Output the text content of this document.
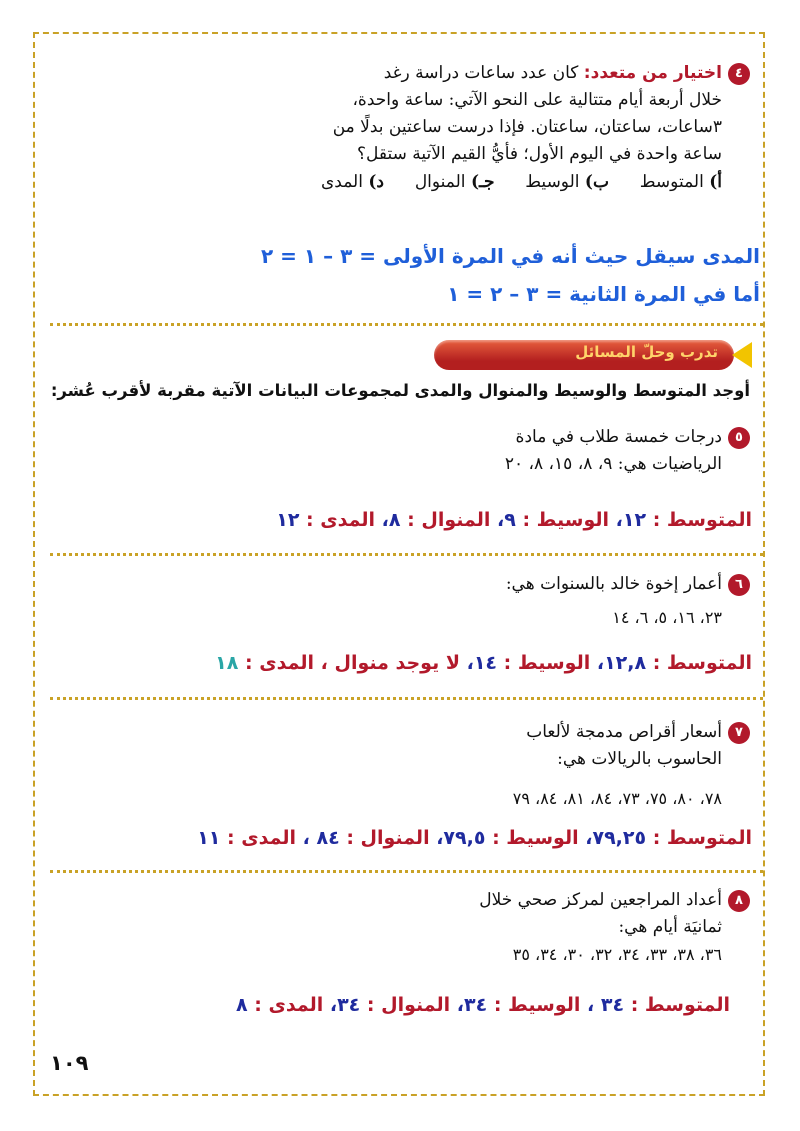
٤اختيار من متعدد: كان عدد ساعات دراسة رغد
خلال أربعة أيام متتالية على النحو الآتي: ساعة واحدة،
٣ساعات، ساعتان، ساعتان. فإذا درست ساعتين بدلًا من
ساعة واحدة في اليوم الأول؛ فأيُّ القيم الآتية ستقل؟
أ) المتوسط  ب) الوسيط  جـ) المنوال  د) المدى
المدى سيقل حيث أنه في المرة الأولى = ٣ – ١ = ٢
أما في المرة الثانية = ٣ – ٢ = ١
تدرب وحلّ المسائل
أوجد المتوسط والوسيط والمنوال والمدى لمجموعات البيانات الآتية مقربة لأقرب عُشر:
٥درجات خمسة طلاب في مادة
الرياضيات هي: ٩، ٨، ١٥، ٨، ٢٠
المتوسط : ١٢، الوسيط : ٩، المنوال : ٨، المدى : ١٢
٦أعمار إخوة خالد بالسنوات هي:
٢٣، ١٦، ٥، ٦، ١٤
المتوسط : ١٢,٨، الوسيط : ١٤، لا يوجد منوال ، المدى : ١٨
٧أسعار أقراص مدمجة لألعاب
الحاسوب بالريالات هي:
٧٨، ٨٠، ٧٥، ٧٣، ٨٤، ٨١، ٨٤، ٧٩
المتوسط : ٧٩,٢٥، الوسيط : ٧٩,٥، المنوال : ٨٤ ، المدى : ١١
٨أعداد المراجعين لمركز صحي خلال
ثمانيَة أيام هي:
٣٦، ٣٨، ٣٣، ٣٤، ٣٢، ٣٠، ٣٤، ٣٥
المتوسط : ٣٤ ، الوسيط : ٣٤، المنوال : ٣٤، المدى : ٨
١٠٩
